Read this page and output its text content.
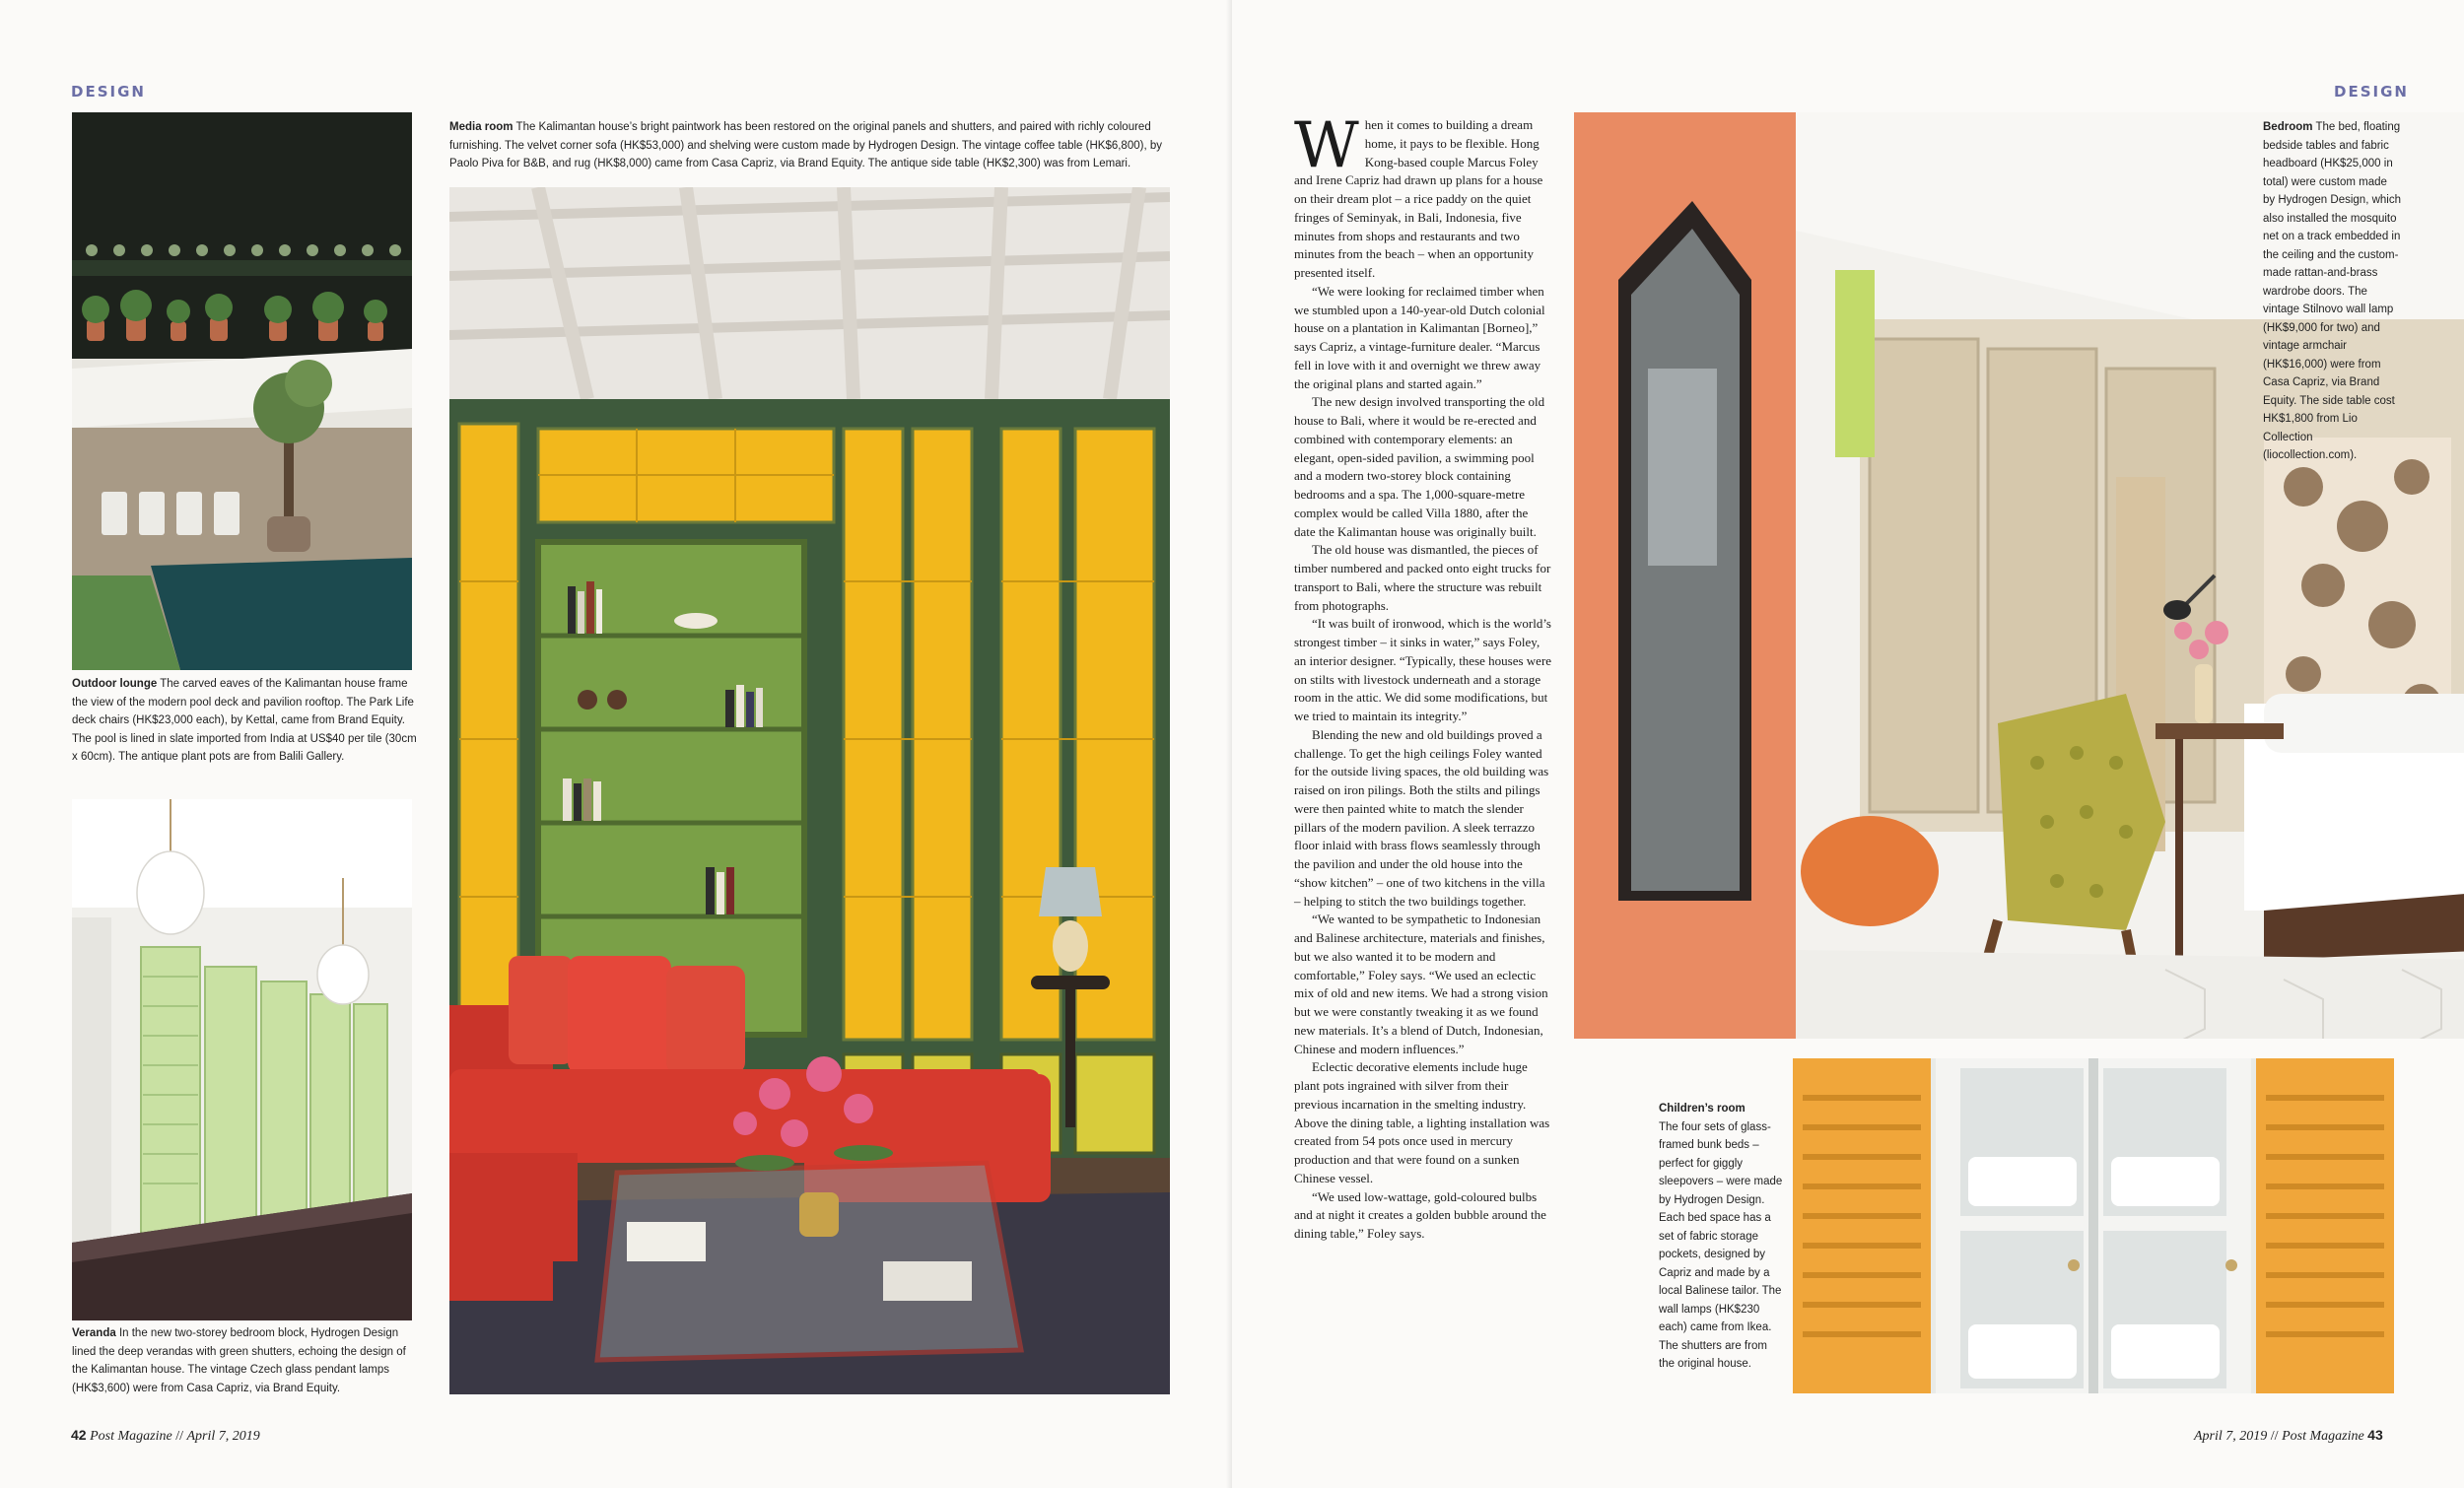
DESIGN

Outdoor lounge The carved eaves of the Kalimantan house frame the view of the modern pool deck and pavilion rooftop. The Park Life deck chairs (HK$23,000 each), by Kettal, came from Brand Equity. The pool is lined in slate imported from India at US$40 per tile (30cm x 60cm). The antique plant pots are from Balili Gallery.

Veranda In the new two-storey bedroom block, Hydrogen Design lined the deep verandas with green shutters, echoing the design of the Kalimantan house. The vintage Czech glass pendant lamps (HK$3,600) were from Casa Capriz, via Brand Equity.

Media room The Kalimantan house’s bright paintwork has been restored on the original panels and shutters, and paired with richly coloured furnishing. The velvet corner sofa (HK$53,000) and shelving were custom made by Hydrogen Design. The vintage coffee table (HK$6,800), by Paolo Piva for B&B, and rug (HK$8,000) came from Casa Capriz, via Brand Equity. The antique side table (HK$2,300) was from Lemari.

42 Post Magazine // April 7, 2019
DESIGN

When it comes to building a dream home, it pays to be flexible. Hong Kong-based couple Marcus Foley and Irene Capriz had drawn up plans for a house on their dream plot – a rice paddy on the quiet fringes of Seminyak, in Bali, Indonesia, five minutes from shops and restaurants and two minutes from the beach – when an opportunity presented itself.

“We were looking for reclaimed timber when we stumbled upon a 140-year-old Dutch colonial house on a plantation in Kalimantan [Borneo],” says Capriz, a vintage-furniture dealer. “Marcus fell in love with it and overnight we threw away the original plans and started again.”

The new design involved transporting the old house to Bali, where it would be re-erected and combined with contemporary elements: an elegant, open-sided pavilion, a swimming pool and a modern two-storey block containing bedrooms and a spa. The 1,000-square-metre complex would be called Villa 1880, after the date the Kalimantan house was originally built.

The old house was dismantled, the pieces of timber numbered and packed onto eight trucks for transport to Bali, where the structure was rebuilt from photographs.

“It was built of ironwood, which is the world’s strongest timber – it sinks in water,” says Foley, an interior designer. “Typically, these houses were on stilts with livestock underneath and a storage room in the attic. We did some modifications, but we tried to maintain its integrity.”

Blending the new and old buildings proved a challenge. To get the high ceilings Foley wanted for the outside living spaces, the old building was raised on iron pilings. Both the stilts and pilings were then painted white to match the slender pillars of the modern pavilion. A sleek terrazzo floor inlaid with brass flows seamlessly through the pavilion and under the old house into the “show kitchen” – one of two kitchens in the villa – helping to stitch the two buildings together.

“We wanted to be sympathetic to Indonesian and Balinese architecture, materials and finishes, but we also wanted it to be modern and comfortable,” Foley says. “We used an eclectic mix of old and new items. We had a strong vision but we were constantly tweaking it as we found new materials. It’s a blend of Dutch, Indonesian, Chinese and modern influences.”

Eclectic decorative elements include huge plant pots ingrained with silver from their previous incarnation in the smelting industry. Above the dining table, a lighting installation was created from 54 pots once used in mercury production and that were found on a sunken Chinese vessel.

“We used low-wattage, gold-coloured bulbs and at night it creates a golden bubble around the dining table,” Foley says.

Bedroom The bed, floating bedside tables and fabric headboard (HK$25,000 in total) were custom made by Hydrogen Design, which also installed the mosquito net on a track embedded in the ceiling and the custom-made rattan-and-brass wardrobe doors. The vintage Stilnovo wall lamp (HK$9,000 for two) and vintage armchair (HK$16,000) were from Casa Capriz, via Brand Equity. The side table cost HK$1,800 from Lio Collection (liocollection.com).

Children’s room
The four sets of glass-framed bunk beds – perfect for giggly sleepovers – were made by Hydrogen Design. Each bed space has a set of fabric storage pockets, designed by Capriz and made by a local Balinese tailor. The wall lamps (HK$230 each) came from Ikea. The shutters are from the original house.

April 7, 2019 // Post Magazine 43
